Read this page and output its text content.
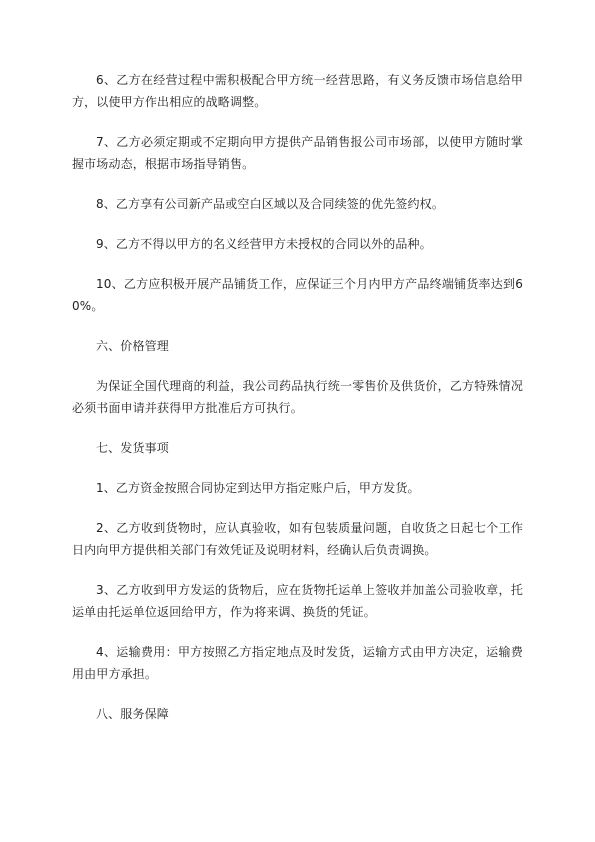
6、乙方在经营过程中需积极配合甲方统一经营思路，有义务反馈市场信息给甲方，以使甲方作出相应的战略调整。

7、乙方必须定期或不定期向甲方提供产品销售报公司市场部，以使甲方随时掌握市场动态，根据市场指导销售。

8、乙方享有公司新产品或空白区域以及合同续签的优先签约权。

9、乙方不得以甲方的名义经营甲方未授权的合同以外的品种。

10、乙方应积极开展产品铺货工作，应保证三个月内甲方产品终端铺货率达到60%。

六、价格管理

为保证全国代理商的利益，我公司药品执行统一零售价及供货价，乙方特殊情况必须书面申请并获得甲方批准后方可执行。

七、发货事项

1、乙方资金按照合同协定到达甲方指定账户后，甲方发货。

2、乙方收到货物时，应认真验收，如有包装质量问题，自收货之日起七个工作日内向甲方提供相关部门有效凭证及说明材料，经确认后负责调换。

3、乙方收到甲方发运的货物后，应在货物托运单上签收并加盖公司验收章，托运单由托运单位返回给甲方，作为将来调、换货的凭证。

4、运输费用：甲方按照乙方指定地点及时发货，运输方式由甲方决定，运输费用由甲方承担。

八、服务保障
